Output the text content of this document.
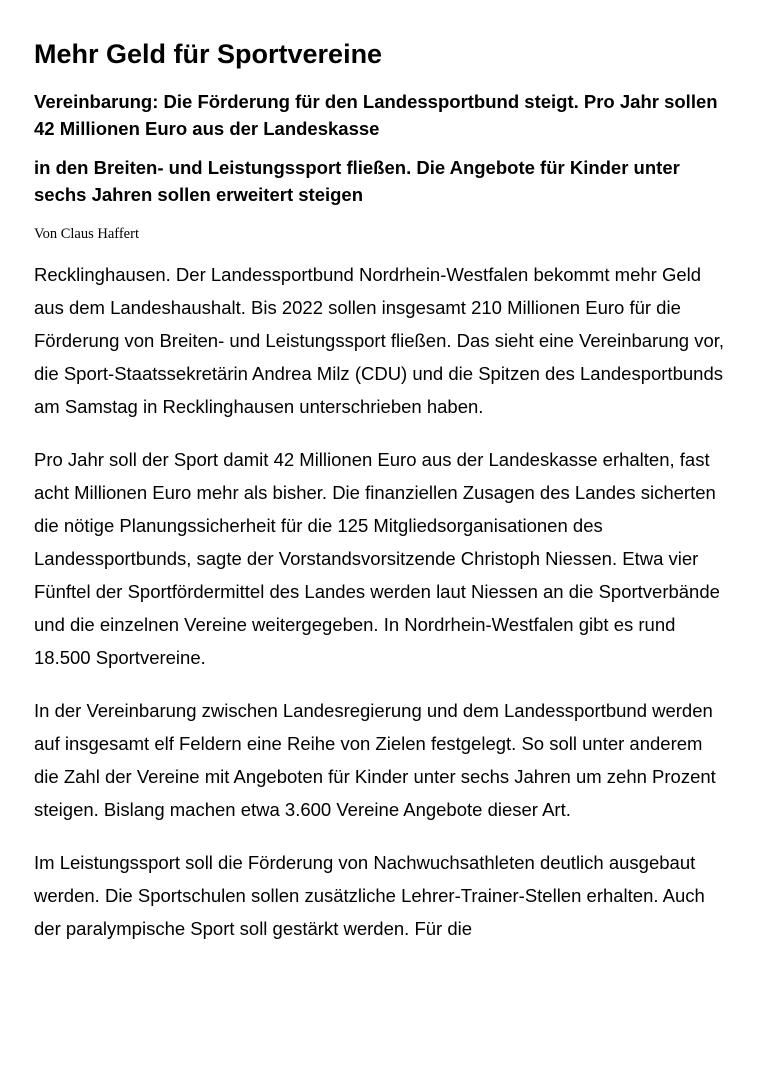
Mehr Geld für Sportvereine

Vereinbarung: Die Förderung für den Landessportbund steigt. Pro Jahr sollen 42 Millionen Euro aus der Landeskasse

in den Breiten- und Leistungssport fließen. Die Angebote für Kinder unter sechs Jahren sollen erweitert steigen

Von Claus Haffert

Recklinghausen. Der Landessportbund Nordrhein-Westfalen bekommt mehr Geld aus dem Landeshaushalt. Bis 2022 sollen insgesamt 210 Millionen Euro für die Förderung von Breiten- und Leistungssport fließen. Das sieht eine Vereinbarung vor, die Sport-Staatssekretärin Andrea Milz (CDU) und die Spitzen des Landesportbunds am Samstag in Recklinghausen unterschrieben haben.

Pro Jahr soll der Sport damit 42 Millionen Euro aus der Landeskasse erhalten, fast acht Millionen Euro mehr als bisher. Die finanziellen Zusagen des Landes sicherten die nötige Planungssicherheit für die 125 Mitgliedsorganisationen des Landessportbunds, sagte der Vorstandsvorsitzende Christoph Niessen. Etwa vier Fünftel der Sportfördermittel des Landes werden laut Niessen an die Sportverbände und die einzelnen Vereine weitergegeben. In Nordrhein-Westfalen gibt es rund 18.500 Sportvereine.

In der Vereinbarung zwischen Landesregierung und dem Landessportbund werden auf insgesamt elf Feldern eine Reihe von Zielen festgelegt. So soll unter anderem die Zahl der Vereine mit Angeboten für Kinder unter sechs Jahren um zehn Prozent steigen. Bislang machen etwa 3.600 Vereine Angebote dieser Art.

Im Leistungssport soll die Förderung von Nachwuchsathleten deutlich ausgebaut werden. Die Sportschulen sollen zusätzliche Lehrer-Trainer-Stellen erhalten. Auch der paralympische Sport soll gestärkt werden. Für die
